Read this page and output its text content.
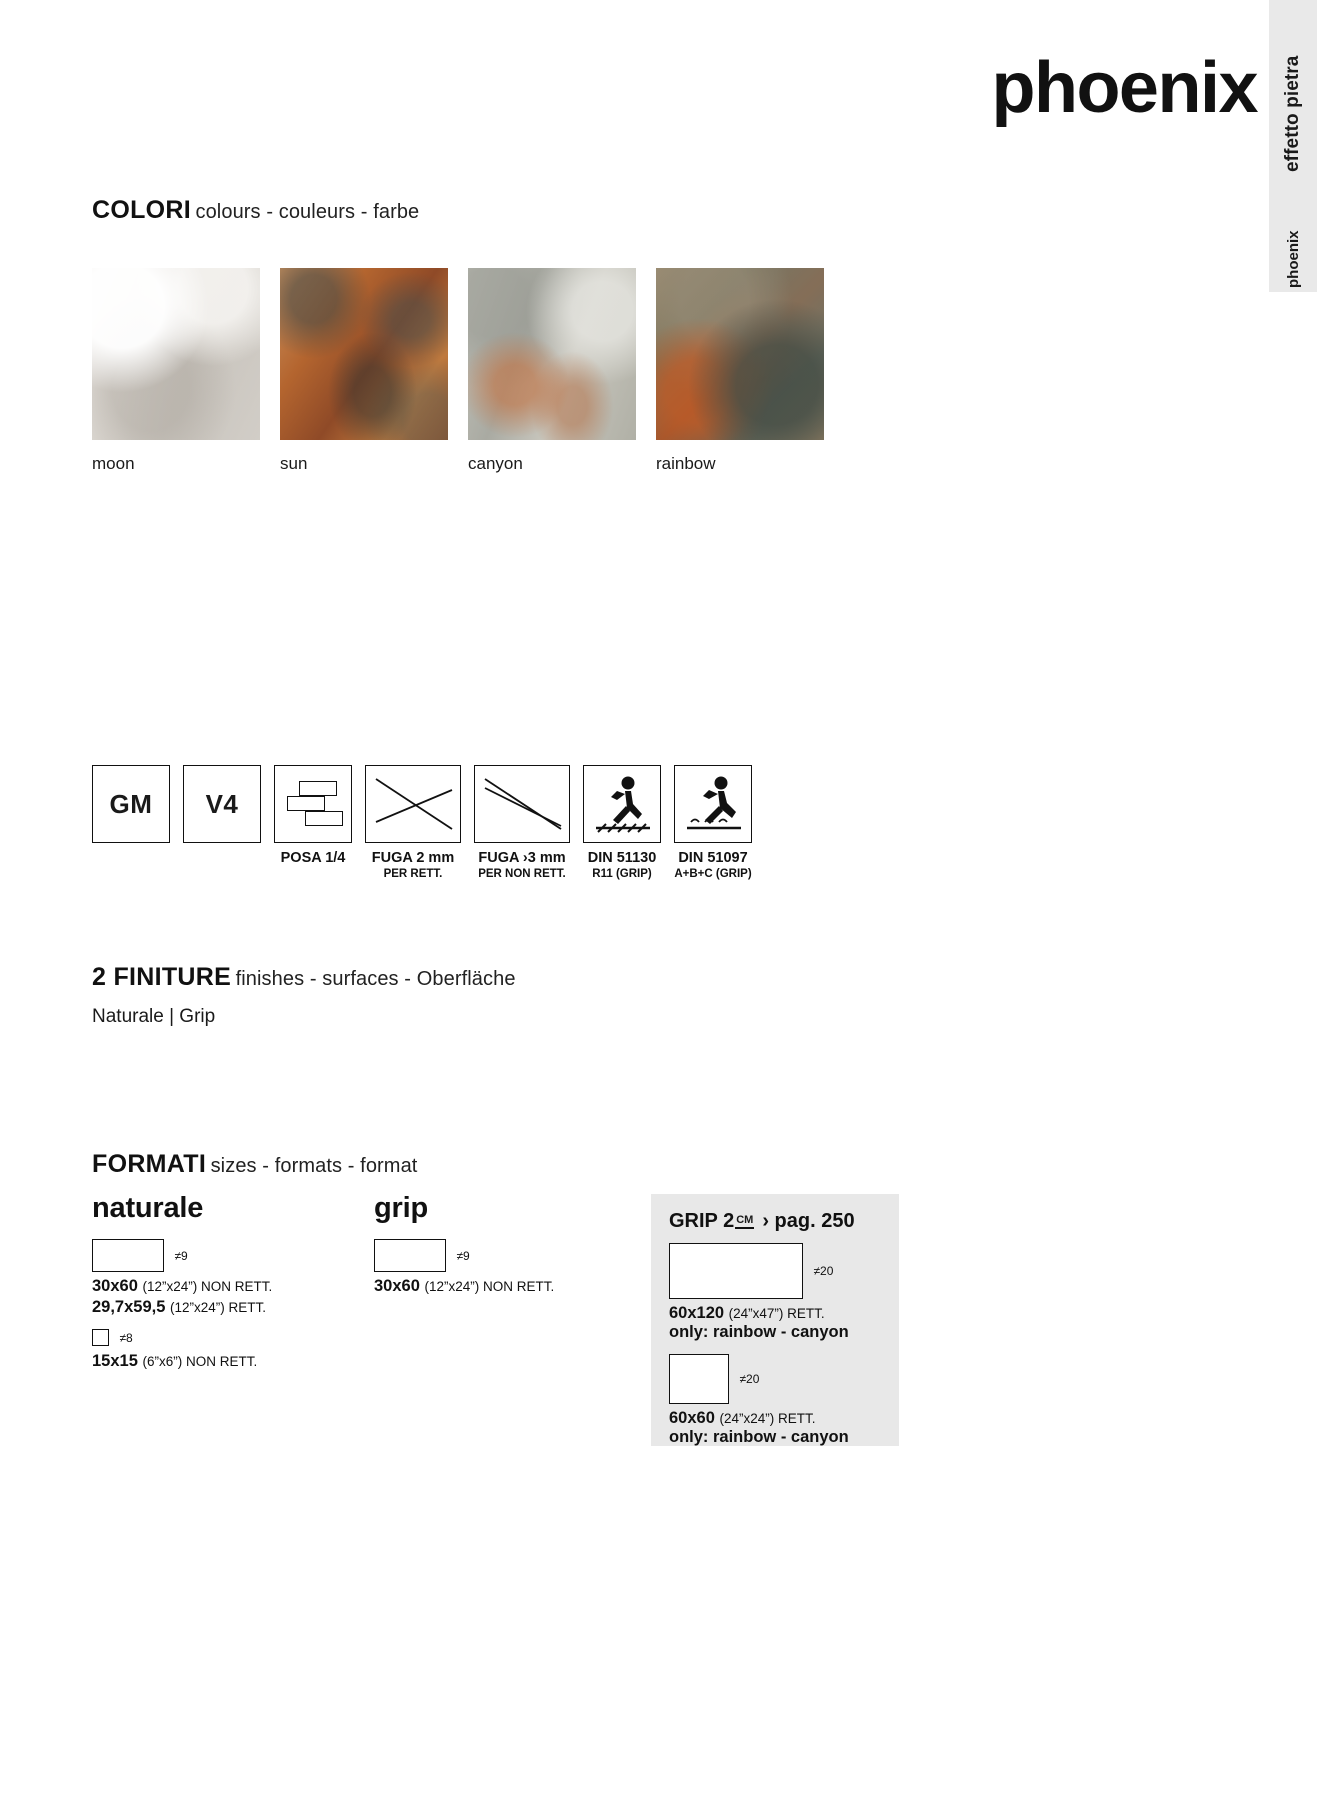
effetto pietra
phoenix
phoenix
COLORI colours - couleurs - farbe
moon	sun	canyon	rainbow
GM	V4
POSA 1/4	FUGA 2 mm
PER RETT.
FUGA ›3 mm
PER NON RETT.
DIN 51130
R11 (GRIP)
DIN 51097
A+B+C (GRIP)
2 FINITURE finishes - surfaces - Oberfläche
Naturale | Grip
FORMATI sizes - formats - format
naturale
≠9
30x60 (12”x24”) NON RETT.
29,7x59,5 (12”x24”) RETT.
≠8
15x15 (6”x6”) NON RETT.
grip
≠9
30x60 (12”x24”) NON RETT.
GRIP 2 CM › pag. 250
≠20
60x120 (24”x47”) RETT.
only: rainbow - canyon
≠20
60x60 (24”x24”) RETT.
only: rainbow - canyon
